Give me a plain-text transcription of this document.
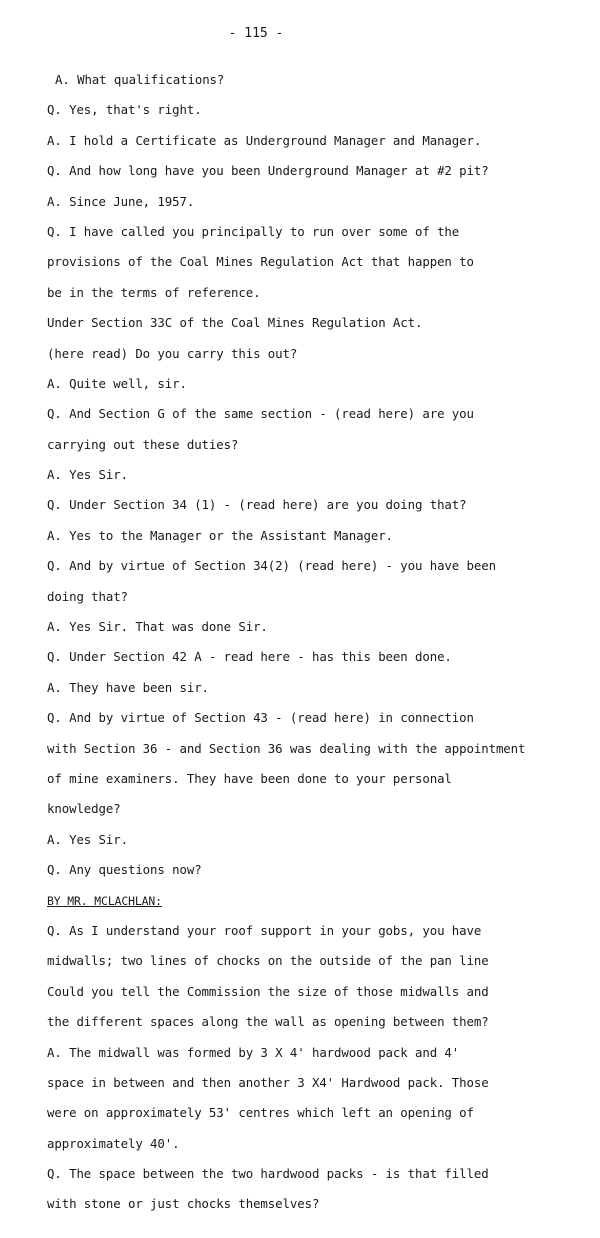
- 115 -
A. What qualifications?
Q. Yes, that's right.
A. I hold a Certificate as Underground Manager and Manager.
Q. And how long have you been Underground Manager at #2 pit?
A. Since June, 1957.
Q. I have called you principally to run over some of the
provisions of the Coal Mines Regulation Act that happen to
be in the terms of reference.
Under Section 33C of the Coal Mines Regulation Act.
(here read) Do you carry this out?
A. Quite well, sir.
Q. And Section G of the same section - (read here) are you
carrying out these duties?
A. Yes Sir.
Q. Under Section 34 (1) - (read here) are you doing that?
A. Yes to the Manager or the Assistant Manager.
Q. And by virtue of Section 34(2) (read here) - you have been
doing that?
A. Yes Sir. That was done Sir.
Q. Under Section 42 A - read here - has this been done.
A. They have been sir.
Q. And by virtue of Section 43 - (read here) in connection
with Section 36 - and Section 36 was dealing with the appointment
of mine examiners. They have been done to your personal
knowledge?
A. Yes Sir.
Q. Any questions now?
BY MR. MCLACHLAN:
Q. As I understand your roof support in your gobs, you have
midwalls; two lines of chocks on the outside of the pan line
Could you tell the Commission the size of those midwalls and
the different spaces along the wall as opening between them?
A. The midwall was formed by 3 X 4' hardwood pack and 4'
space in between and then another 3 X4' Hardwood pack. Those
were on approximately 53' centres which left an opening of
approximately 40'.
Q. The space between the two hardwood packs - is that filled
with stone or just chocks themselves?
